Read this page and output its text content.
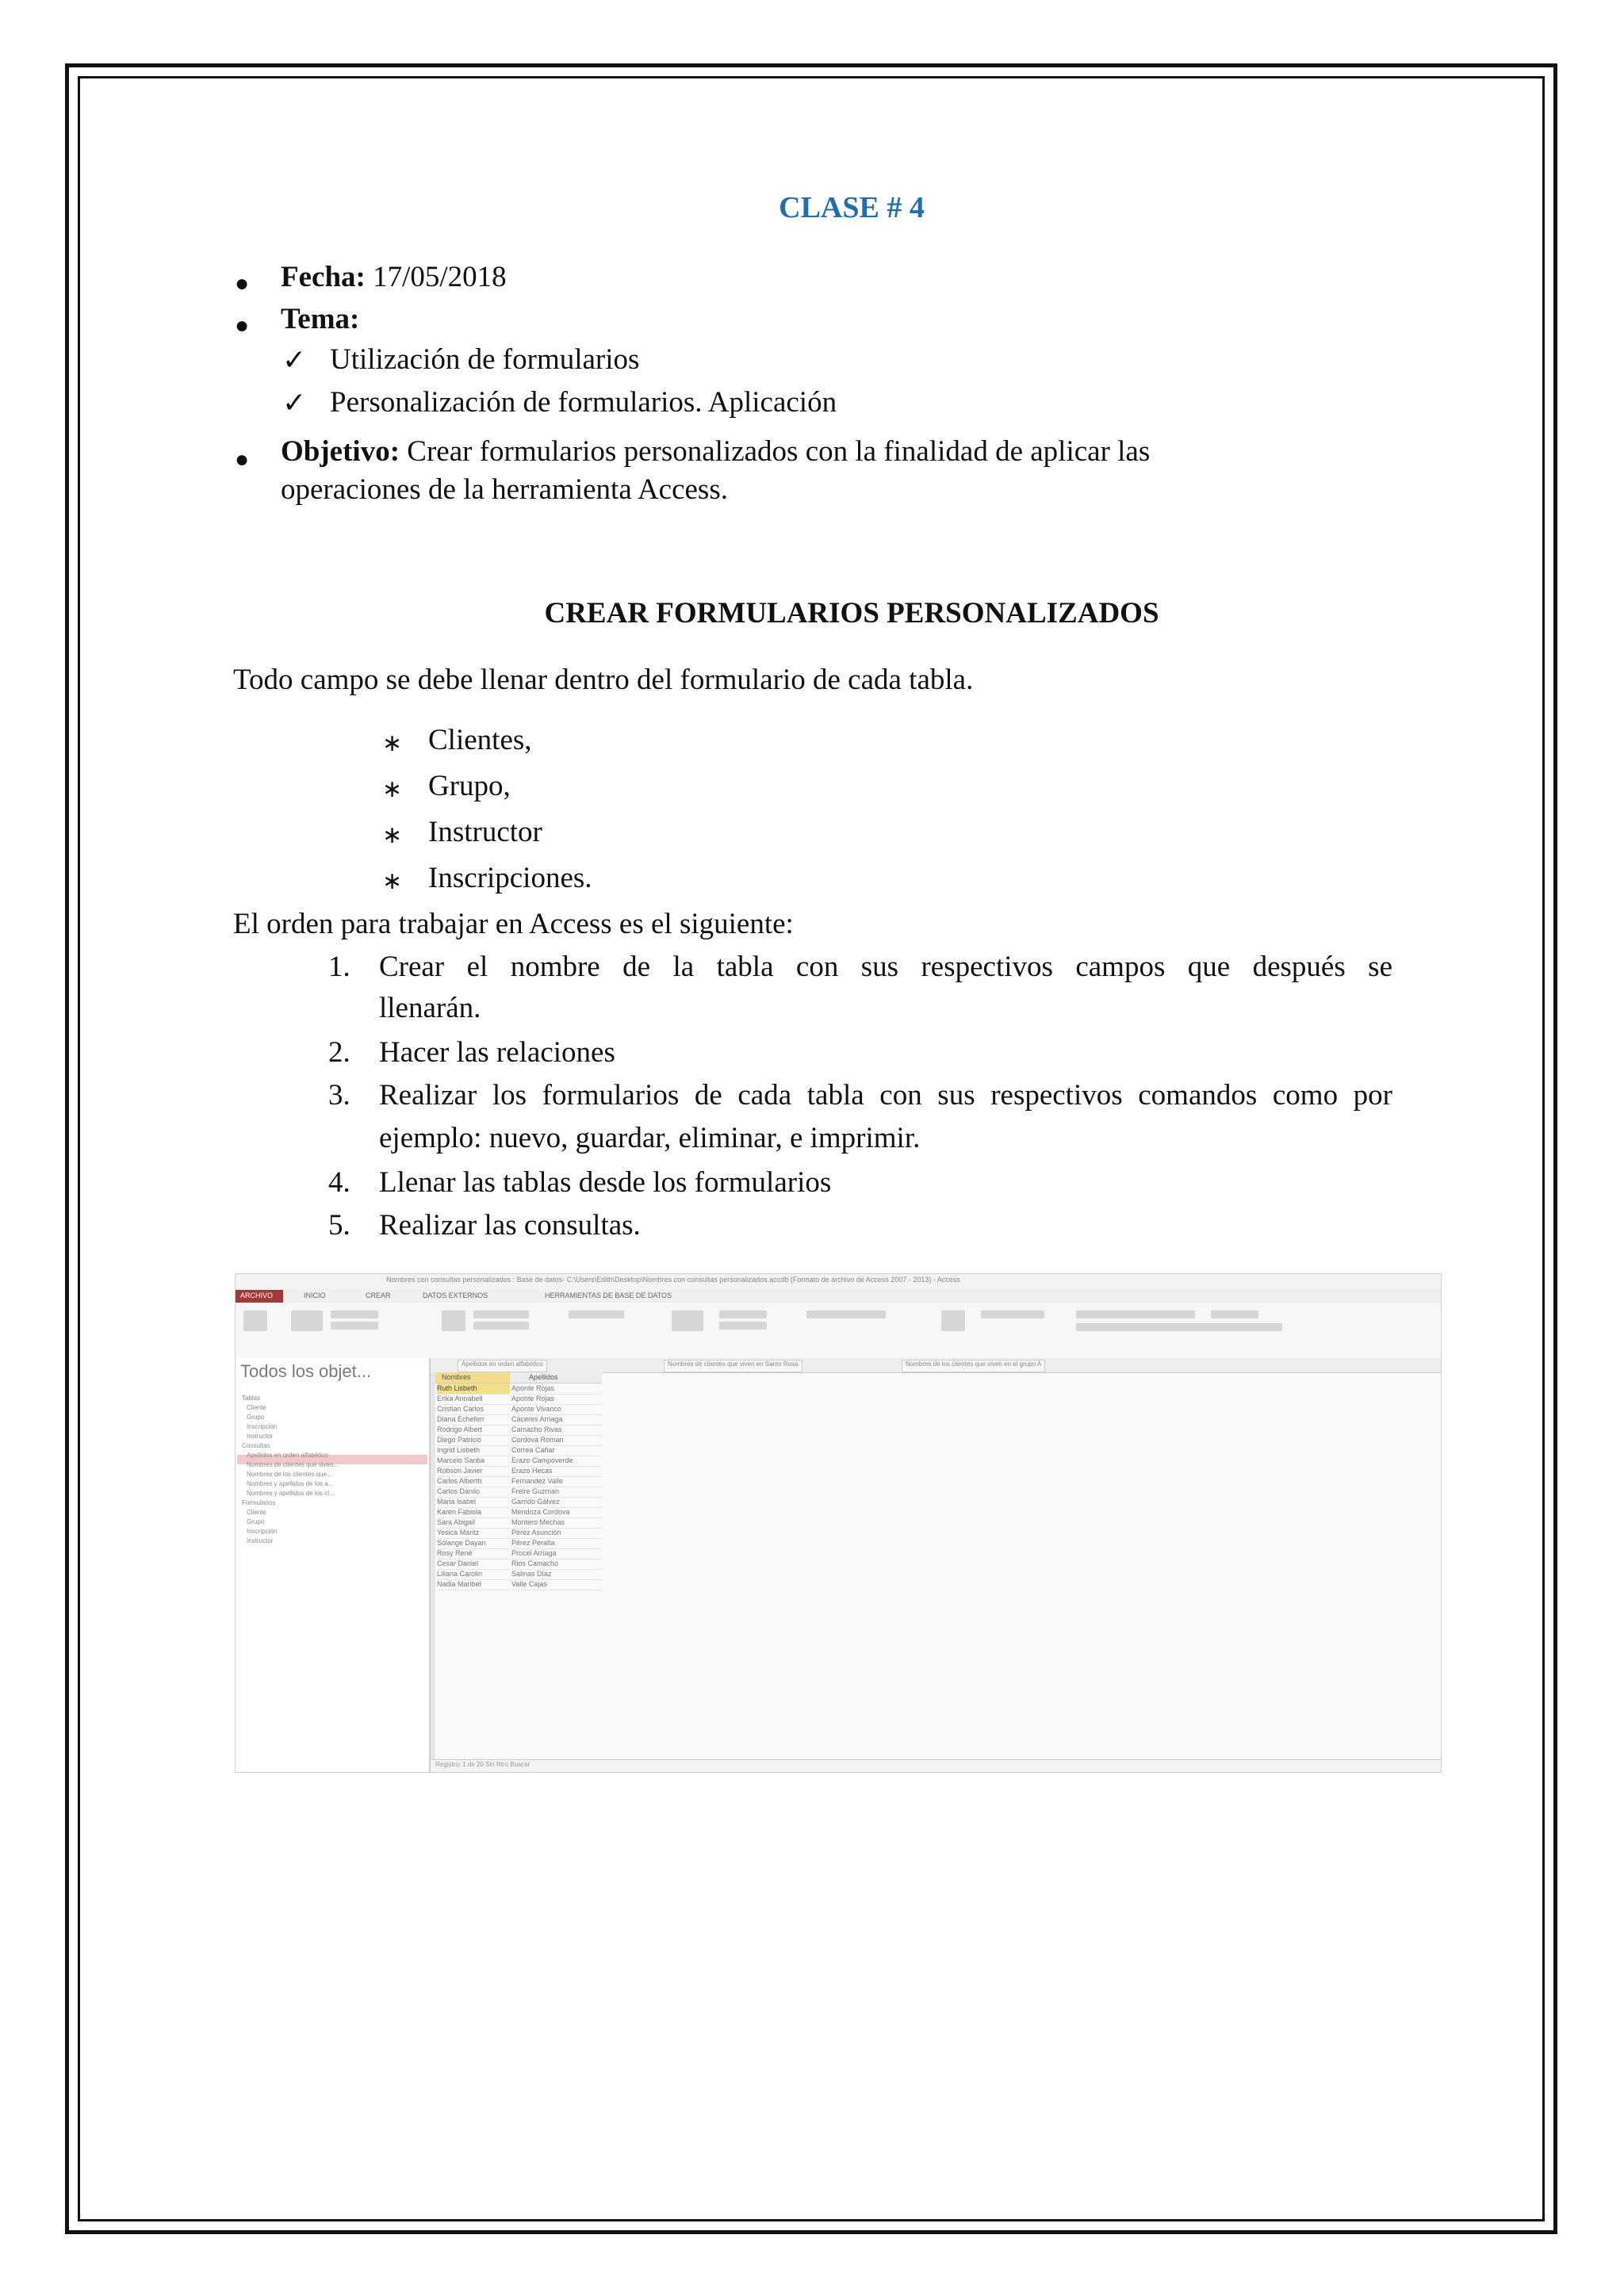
CLASE # 4
● Fecha: 17/05/2018
● Tema:
✓ Utilización de formularios
✓ Personalización de formularios. Aplicación
● Objetivo: Crear formularios personalizados con la finalidad de aplicar las
operaciones de la herramienta Access.
CREAR FORMULARIOS PERSONALIZADOS
Todo campo se debe llenar dentro del formulario de cada tabla.
∗ Clientes,
∗ Grupo,
∗ Instructor
∗ Inscripciones.
El orden para trabajar en Access es el siguiente:
1. Crear el nombre de la tabla con sus respectivos campos que después se
llenarán.
2. Hacer las relaciones
3. Realizar los formularios de cada tabla con sus respectivos comandos como por
ejemplo: nuevo, guardar, eliminar, e imprimir.
4. Llenar las tablas desde los formularios
5. Realizar las consultas.
Nombres con consultas personalizados : Base de datos- C:\Users\Edith\Desktop\Nombres con consultas personalizados.accdb (Formato de archivo de Access 2007 - 2013) - Access
ARCHIVO	INICIO	CREAR	DATOS EXTERNOS	HERRAMIENTAS DE BASE DE DATOS
Todos los objet...
Tablas
Cliente
Grupo
Inscripción
Instructor
Consultas
Apellidos en orden alfabético
Nombres de clientes que viven...
Nombres de los clientes que...
Nombres y apellidos de los a...
Nombres y apellidos de los cl...
Formularios
Cliente
Grupo
Inscripción
Instructor
Apellidos en orden alfabético	Nombres de clientes que viven en Santo Rosa	Nombres de los clientes que viven en el grupo A
Nombres	Apellidos
Ruth Lisbeth	Aponte Rojas
Erika Annabell	Aponte Rojas
Cristian Carlos	Aponte Vivanco
Diana Echeferr	Cáceres Arriaga
Rodrigo Albert	Camacho Rivas
Diego Patricio	Cordova Roman
Ingrid Lisbeth	Correa Cañar
Marcelo Santia	Erazo Campoverde
Robson Javier	Erazo Hecas
Carlos Alberth	Fernandez Valle
Carlos Danilo	Freire Guzman
Maria Isabel	Garrido Gálvez
Karen Fabiola	Mendoza Cordova
Sara Abigail	Montero Mechas
Yesica Maritz	Pérez Asunción
Solange Dayan	Pérez Peralta
Rosy René	Procel Arriaga
Cesar Daniel	Rios Camacho
Liliana Carolin	Salinas Díaz
Nadia Maribel	Valle Cajas
Registro: 1 de 20 Sin filtro Buscar
